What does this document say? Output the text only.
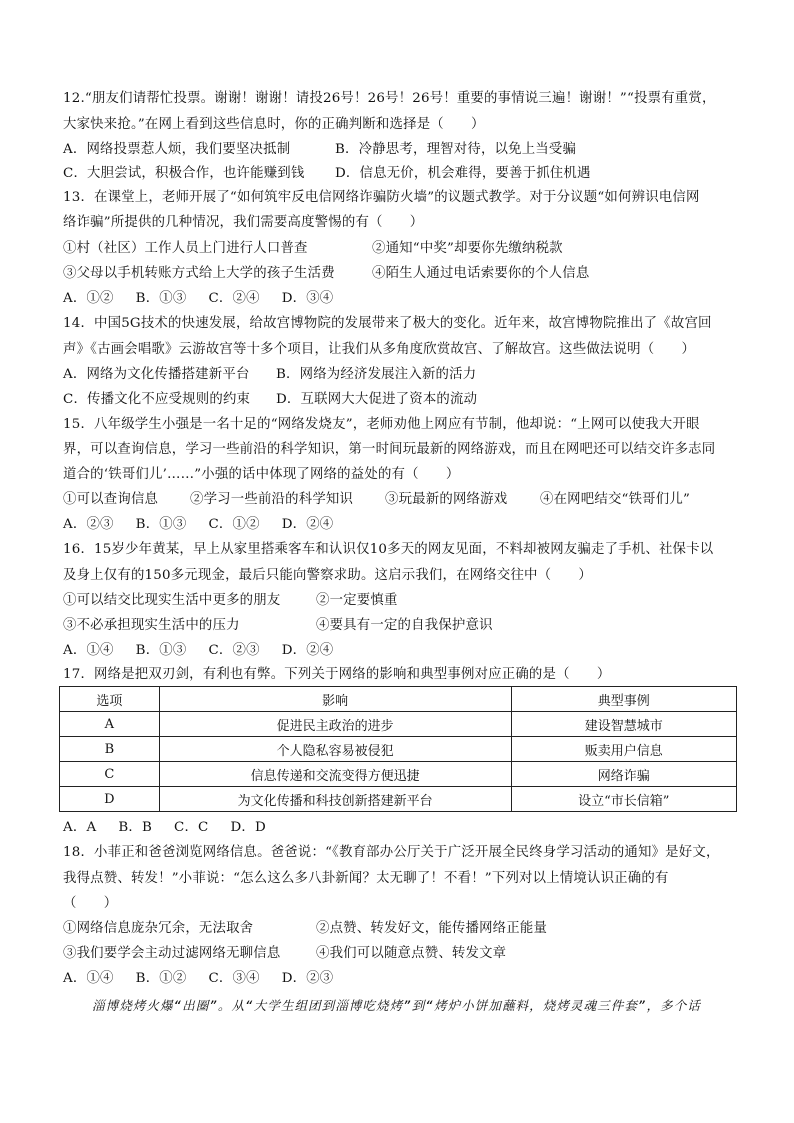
12.“朋友们请帮忙投票。谢谢！谢谢！请投26号！26号！26号！重要的事情说三遍！谢谢！”“投票有重赏，
大家快来抢。”在网上看到这些信息时，你的正确判断和选择是（　　）
A．网络投票惹人烦，我们要坚决抵制	B．冷静思考，理智对待，以免上当受骗
C．大胆尝试，积极合作，也许能赚到钱 D．信息无价，机会难得，要善于抓住机遇
13．在课堂上，老师开展了“如何筑牢反电信网络诈骗防火墙”的议题式教学。对于分议题“如何辨识电信网
络诈骗”所提供的几种情况，我们需要高度警惕的有（　　）
①村（社区）工作人员上门进行人口普查	②通知“中奖”却要你先缴纳税款
③父母以手机转账方式给上大学的孩子生活费	④陌生人通过电话索要你的个人信息
A．①② B．①③ C．②④ D．③④
14．中国5G技术的快速发展，给故宫博物院的发展带来了极大的变化。近年来，故宫博物院推出了《故宫回
声》《古画会唱歌》云游故宫等十多个项目，让我们从多角度欣赏故宫、了解故宫。这些做法说明（　　）
A．网络为文化传播搭建新平台 B．网络为经济发展注入新的活力
C．传播文化不应受规则的约束 D．互联网大大促进了资本的流动
15．八年级学生小强是一名十足的“网络发烧友”，老师劝他上网应有节制，他却说：“上网可以使我大开眼
界，可以查询信息，学习一些前沿的科学知识，第一时间玩最新的网络游戏，而且在网吧还可以结交许多志同
道合的‘铁哥们儿’……”小强的话中体现了网络的益处的有（　　）
①可以查询信息 ②学习一些前沿的科学知识 ③玩最新的网络游戏 ④在网吧结交“铁哥们儿”
A．②③ B．①③ C．①② D．②④
16．15岁少年黄某，早上从家里搭乘客车和认识仅10多天的网友见面，不料却被网友骗走了手机、社保卡以
及身上仅有的150多元现金，最后只能向警察求助。这启示我们，在网络交往中（　　）
①可以结交比现实生活中更多的朋友	②一定要慎重
③不必承担现实生活中的压力	④要具有一定的自我保护意识
A．①④ B．①③ C．②③ D．②④
17．网络是把双刃剑，有利也有弊。下列关于网络的影响和典型事例对应正确的是（　　）
选项	影响	典型事例
A	促进民主政治的进步	建设智慧城市
B	个人隐私容易被侵犯	贩卖用户信息
C	信息传递和交流变得方便迅捷	网络诈骗
D	为文化传播和科技创新搭建新平台	设立“市长信箱”
A．A B．B C．C D．D
18．小菲正和爸爸浏览网络信息。爸爸说：“《教育部办公厅关于广泛开展全民终身学习活动的通知》是好文，
我得点赞、转发！”小菲说：“怎么这么多八卦新闻？太无聊了！不看！”下列对以上情境认识正确的有
（　　）
①网络信息庞杂冗余，无法取舍	②点赞、转发好文，能传播网络正能量
③我们要学会主动过滤网络无聊信息	④我们可以随意点赞、转发文章
A．①④ B．①② C．③④ D．②③
淄博烧烤火爆“出圈”。从“大学生组团到淄博吃烧烤”到“烤炉小饼加蘸料，烧烤灵魂三件套”，多个话
